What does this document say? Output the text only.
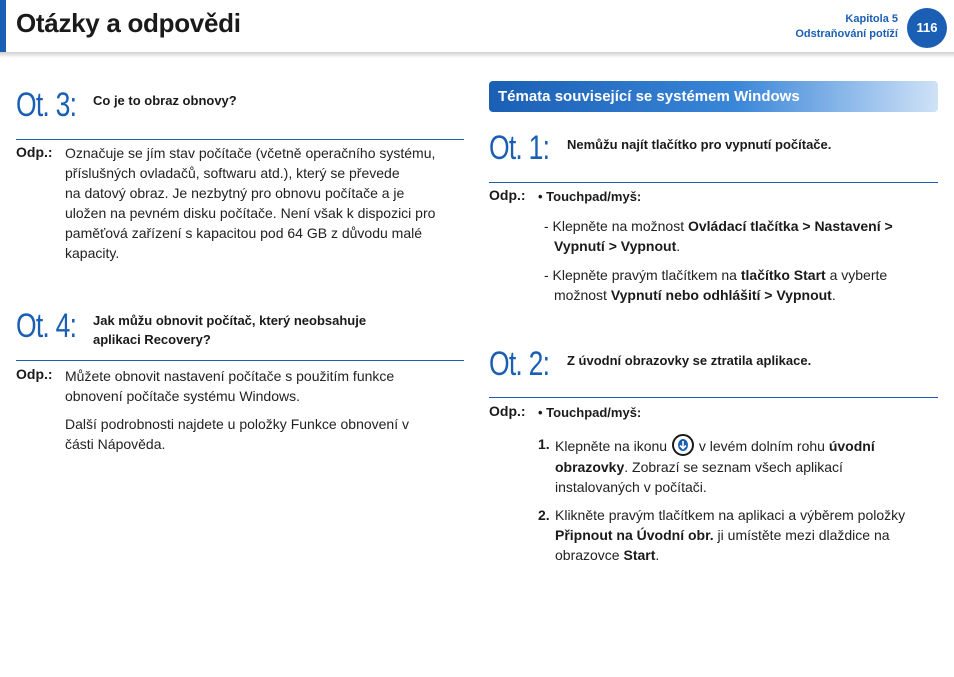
Otázky a odpovědi	Kapitola 5
Odstraňování potíží	116
Ot. 3: Co je to obraz obnovy?
Odp.: Označuje se jím stav počítače (včetně operačního systému,
příslušných ovladačů, softwaru atd.), který se převede
na datový obraz. Je nezbytný pro obnovu počítače a je
uložen na pevném disku počítače. Není však k dispozici pro
paměťová zařízení s kapacitou pod 64 GB z důvodu malé
kapacity.
Ot. 4: Jak můžu obnovit počítač, který neobsahuje
aplikaci Recovery?
Odp.: Můžete obnovit nastavení počítače s použitím funkce
obnovení počítače systému Windows.
Další podrobnosti najdete u položky Funkce obnovení v
části Nápověda.
Témata související se systémem Windows
Ot. 1: Nemůžu najít tlačítko pro vypnutí počítače.
Odp.: • Touchpad/myš:
- Klepněte na možnost Ovládací tlačítka > Nastavení >
Vypnutí > Vypnout.
- Klepněte pravým tlačítkem na tlačítko Start a vyberte
možnost Vypnutí nebo odhlášití > Vypnout.
Ot. 2: Z úvodní obrazovky se ztratila aplikace.
Odp.: • Touchpad/myš:
1. Klepněte na ikonu
v levém dolním rohu úvodní
obrazovky. Zobrazí se seznam všech aplikací
instalovaných v počítači.
2. Klikněte pravým tlačítkem na aplikaci a výběrem položky
Připnout na Úvodní obr. ji umístěte mezi dlaždice na
obrazovce Start.
